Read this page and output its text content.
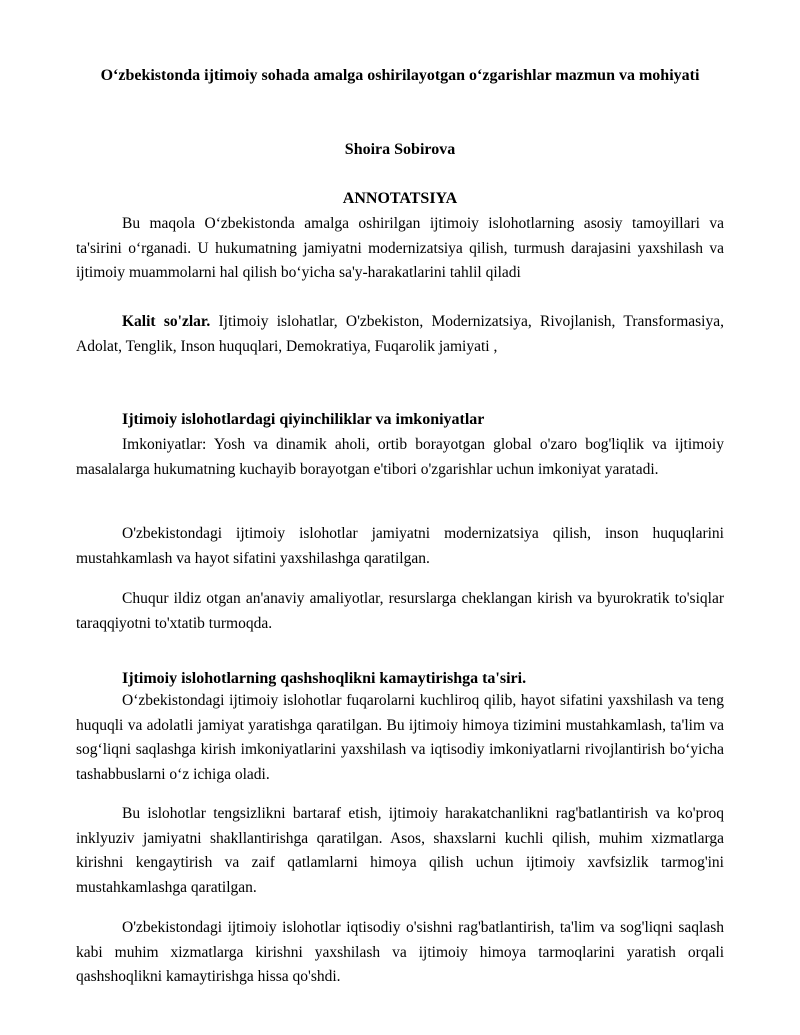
O‘zbekistonda ijtimoiy sohada amalga oshirilayotgan o‘zgarishlar mazmun va mohiyati
Shoira Sobirova
ANNOTATSIYA

Bu maqola O‘zbekistonda amalga oshirilgan ijtimoiy islohotlarning asosiy tamoyillari va ta'sirini o‘rganadi. U hukumatning jamiyatni modernizatsiya qilish, turmush darajasini yaxshilash va ijtimoiy muammolarni hal qilish bo‘yicha sa'y-harakatlarini tahlil qiladi

Kalit so'zlar. Ijtimoiy islohatlar, O'zbekiston, Modernizatsiya, Rivojlanish, Transformasiya, Adolat, Tenglik, Inson huquqlari, Demokratiya, Fuqarolik jamiyati ,

Ijtimoiy islohotlardagi qiyinchiliklar va imkoniyatlar

Imkoniyatlar: Yosh va dinamik aholi, ortib borayotgan global o'zaro bog'liqlik va ijtimoiy masalalarga hukumatning kuchayib borayotgan e'tibori o'zgarishlar uchun imkoniyat yaratadi.

O'zbekistondagi ijtimoiy islohotlar jamiyatni modernizatsiya qilish, inson huquqlarini mustahkamlash va hayot sifatini yaxshilashga qaratilgan.

Chuqur ildiz otgan an'anaviy amaliyotlar, resurslarga cheklangan kirish va byurokratik to'siqlar taraqqiyotni to'xtatib turmoqda.

Ijtimoiy islohotlarning qashshoqlikni kamaytirishga ta'siri.

O‘zbekistondagi ijtimoiy islohotlar fuqarolarni kuchliroq qilib, hayot sifatini yaxshilash va teng huquqli va adolatli jamiyat yaratishga qaratilgan. Bu ijtimoiy himoya tizimini mustahkamlash, ta'lim va sog‘liqni saqlashga kirish imkoniyatlarini yaxshilash va iqtisodiy imkoniyatlarni rivojlantirish bo‘yicha tashabbuslarni o‘z ichiga oladi.

Bu islohotlar tengsizlikni bartaraf etish, ijtimoiy harakatchanlikni rag'batlantirish va ko'proq inklyuziv jamiyatni shakllantirishga qaratilgan. Asos, shaxslarni kuchli qilish, muhim xizmatlarga kirishni kengaytirish va zaif qatlamlarni himoya qilish uchun ijtimoiy xavfsizlik tarmog'ini mustahkamlashga qaratilgan.

O'zbekistondagi ijtimoiy islohotlar iqtisodiy o'sishni rag'batlantirish, ta'lim va sog'liqni saqlash kabi muhim xizmatlarga kirishni yaxshilash va ijtimoiy himoya tarmoqlarini yaratish orqali qashshoqlikni kamaytirishga hissa qo'shdi.
